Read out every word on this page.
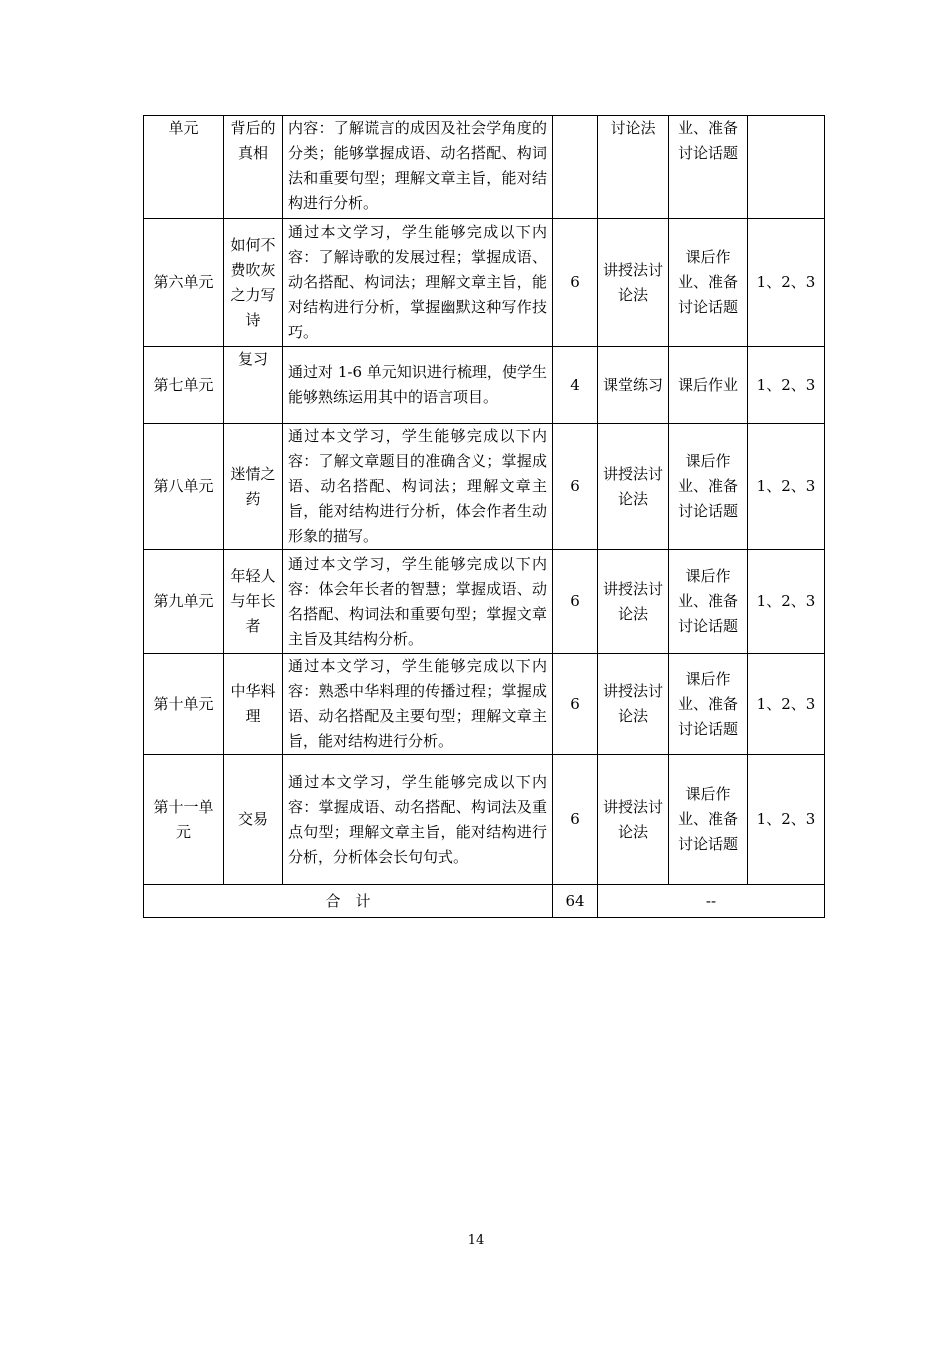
单元	背后的真相	内容：了解谎言的成因及社会学角度的分类；能够掌握成语、动名搭配、构词法和重要句型；理解文章主旨，能对结构进行分析。		讨论法	业、准备讨论话题	
第六单元	如何不费吹灰之力写诗	通过本文学习，学生能够完成以下内容：了解诗歌的发展过程；掌握成语、动名搭配、构词法；理解文章主旨，能对结构进行分析，掌握幽默这种写作技巧。	6	讲授法讨论法	课后作业、准备讨论话题	1、2、3
第七单元	复习	通过对 1-6 单元知识进行梳理，使学生能够熟练运用其中的语言项目。	4	课堂练习	课后作业	1、2、3
第八单元	迷情之药	通过本文学习，学生能够完成以下内容：了解文章题目的准确含义；掌握成语、动名搭配、构词法；理解文章主旨，能对结构进行分析，体会作者生动形象的描写。	6	讲授法讨论法	课后作业、准备讨论话题	1、2、3
第九单元	年轻人与年长者	通过本文学习，学生能够完成以下内容：体会年长者的智慧；掌握成语、动名搭配、构词法和重要句型；掌握文章主旨及其结构分析。	6	讲授法讨论法	课后作业、准备讨论话题	1、2、3
第十单元	中华料理	通过本文学习，学生能够完成以下内容：熟悉中华料理的传播过程；掌握成语、动名搭配及主要句型；理解文章主旨，能对结构进行分析。	6	讲授法讨论法	课后作业、准备讨论话题	1、2、3
第十一单元	交易	通过本文学习，学生能够完成以下内容：掌握成语、动名搭配、构词法及重点句型；理解文章主旨，能对结构进行分析，分析体会长句句式。	6	讲授法讨论法	课后作业、准备讨论话题	1、2、3
合　计			64	--		
14
